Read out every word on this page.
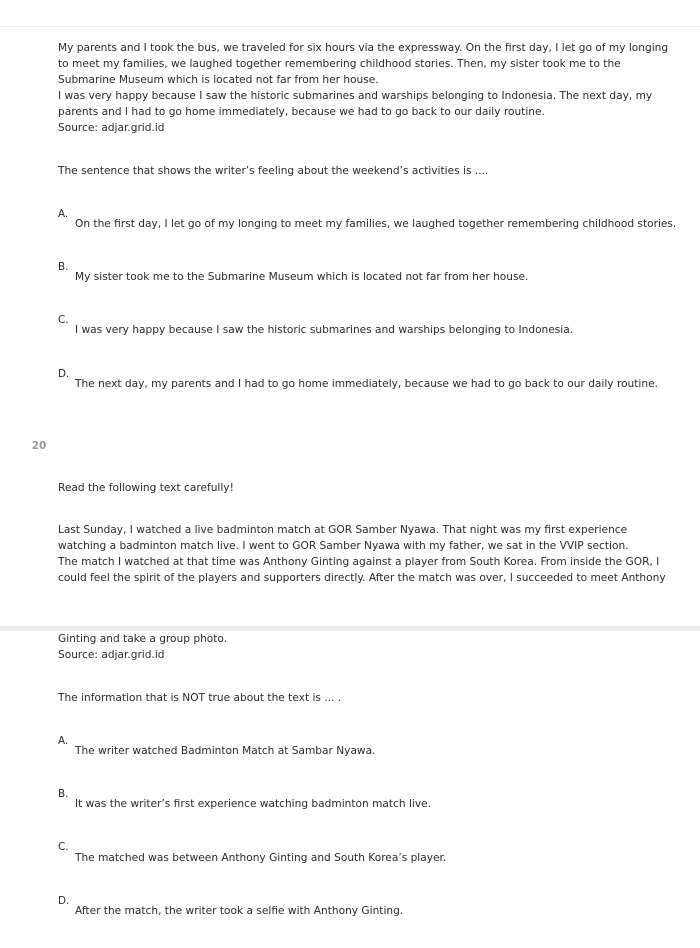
My parents and I took the bus, we traveled for six hours via the expressway. On the first day, I let go of my longing to meet my families, we laughed together remembering childhood stories. Then, my sister took me to the Submarine Museum which is located not far from her house.

I was very happy because I saw the historic submarines and warships belonging to Indonesia. The next day, my parents and I had to go home immediately, because we had to go back to our daily routine.

Source: adjar.grid.id

The sentence that shows the writer’s feeling about the weekend’s activities is ....
A.
On the first day, I let go of my longing to meet my families, we laughed together remembering childhood stories.
B.
My sister took me to the Submarine Museum which is located not far from her house.
C.
I was very happy because I saw the historic submarines and warships belonging to Indonesia.
D.
The next day, my parents and I had to go home immediately, because we had to go back to our daily routine.
20
Read the following text carefully!

Last Sunday, I watched a live badminton match at GOR Samber Nyawa. That night was my first experience watching a badminton match live. I went to GOR Samber Nyawa with my father, we sat in the VVIP section.

The match I watched at that time was Anthony Ginting against a player from South Korea. From inside the GOR, I could feel the spirit of the players and supporters directly. After the match was over, I succeeded to meet Anthony

Ginting and take a group photo.

Source: adjar.grid.id

The information that is NOT true about the text is ... .
A.
The writer watched Badminton Match at Sambar Nyawa.
B.
It was the writer’s first experience watching badminton match live.
C.
The matched was between Anthony Ginting and South Korea’s player.
D.
After the match, the writer took a selfie with Anthony Ginting.
